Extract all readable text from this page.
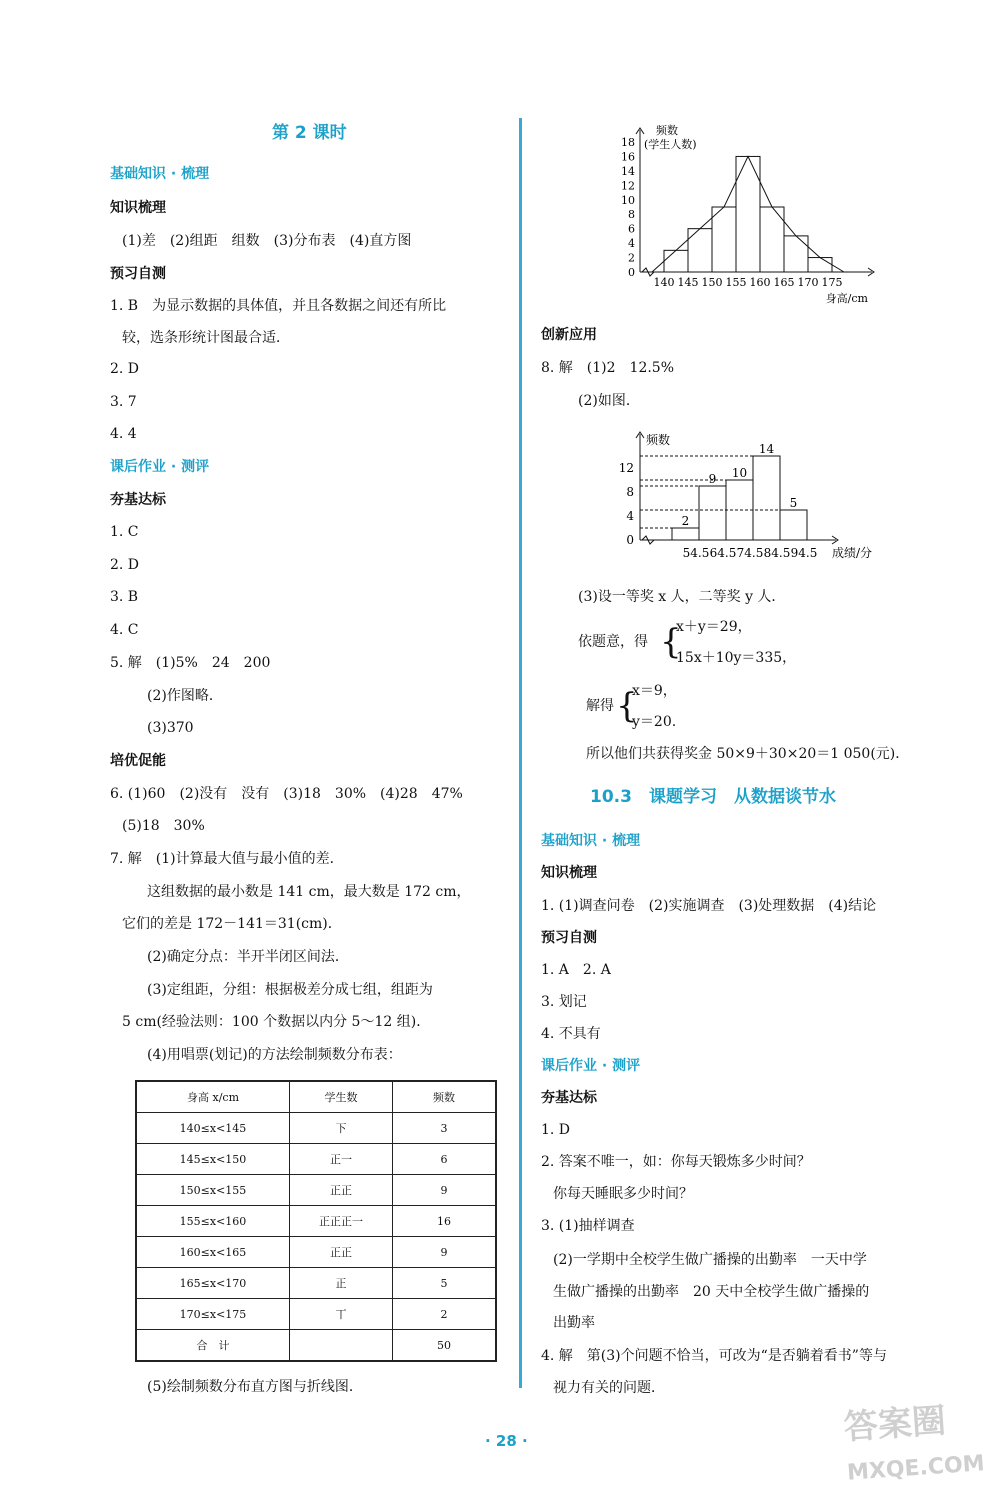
第 2 课时
基础知识 · 梳理
知识梳理
(1)差　(2)组距　组数　(3)分布表　(4)直方图
预习自测
1. B　为显示数据的具体值，并且各数据之间还有所比
较，选条形统计图最合适．
2. D
3. 7
4. 4
课后作业 · 测评
夯基达标
1. C
2. D
3. B
4. C
5. 解　(1)5%　24　200
(2)作图略．
(3)370
培优促能
6. (1)60　(2)没有　没有　(3)18　30%　(4)28　47%
(5)18　30%
7. 解　(1)计算最大值与最小值的差．
这组数据的最小数是 141 cm，最大数是 172 cm，
它们的差是 172－141＝31(cm)．
(2)确定分点：半开半闭区间法．
(3)定组距，分组：根据极差分成七组，组距为
5 cm(经验法则：100 个数据以内分 5～12 组)．
(4)用唱票(划记)的方法绘制频数分布表：
身高 x/cm	学生数	频数
140≤x<145	下	3
145≤x<150	正一	6
150≤x<155	正正	9
155≤x<160	正正正一	16
160≤x<165	正正	9
165≤x<170	正	5
170≤x<175	丅	2
合　计		50
(5)绘制频数分布直方图与折线图．
0
2
4
6
8
10
12
14
16
18
频数
(学生人数)
140 145 150 155 160 165 170 175
身高/cm
创新应用
8. 解　(1)2　12.5%
(2)如图．
频数
0
4
8
12
2
9 10
14
5
54.5 64.5 74.5 84.5 94.5 成绩/分
(3)设一等奖 x 人，二等奖 y 人．
依题意，得 {
x＋y＝29，
15x＋10y＝335，
解得 {
x＝9，
y＝20.
所以他们共获得奖金 50×9＋30×20＝1 050(元)．
10.3　课题学习　从数据谈节水
基础知识 · 梳理
知识梳理
1. (1)调查问卷　(2)实施调查　(3)处理数据　(4)结论
预习自测
1. A　2. A
3. 划记
4. 不具有
课后作业 · 测评
夯基达标
1. D
2. 答案不唯一，如：你每天锻炼多少时间？
你每天睡眠多少时间？
3. (1)抽样调查
(2)一学期中全校学生做广播操的出勤率　一天中学
生做广播操的出勤率　20 天中全校学生做广播操的
出勤率
4. 解　第(3)个问题不恰当，可改为“是否躺着看书”等与
视力有关的问题．
· 28 ·	答案圈
MXQE.COM
